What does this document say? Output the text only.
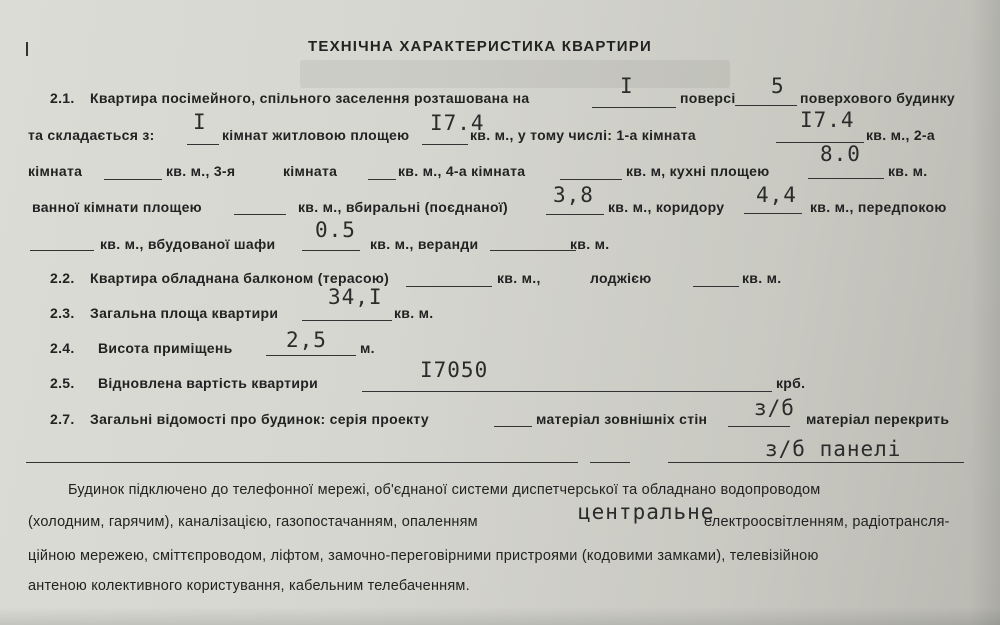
ТЕХНІЧНА ХАРАКТЕРИСТИКА КВАРТИРИ
2.1. Квартира посімейного, спільного заселення розташована на	I	поверсі 5 поверхового будинку
та складається з:
I
кімнат житловою площею I7.4
кв. м., у тому числі: 1-а кімната
I7.4
кв. м., 2-а
кімната	кв. м., 3-я	кімната	кв. м., 4-а кімната	кв. м, кухні площею
8.0
кв. м.
ванної кімнати площею	кв. м., вбиральні (поєднаної) 3,8 кв. м., коридору 4,4 кв. м., передпокою
кв. м., вбудованої шафи
0.5
кв. м., веранди	кв. м.
2.2. Квартира обладнана балконом (терасою)	кв. м.,	лоджією	кв. м.
2.3. Загальна площа квартири
34,I
кв. м.
2.4. Висота приміщень	2,5 м.
2.5. Відновлена вартість квартири
I7050
крб.
2.7. Загальні відомості про будинок: серія проекту	матеріал зовнішніх стін з/б матеріал перекрить
з/б панелі
Будинок підключено до телефонної мережі, об'єднаної системи диспетчерської та обладнано водопроводом
(холодним, гарячим), каналізацією, газопостачанням, опаленням	центральне
електроосвітленням, радіотрансля-
ційною мережею, сміттєпроводом, ліфтом, замочно-переговірними пристроями (кодовими замками), телевізійною
антеною колективного користування, кабельним телебаченням.
